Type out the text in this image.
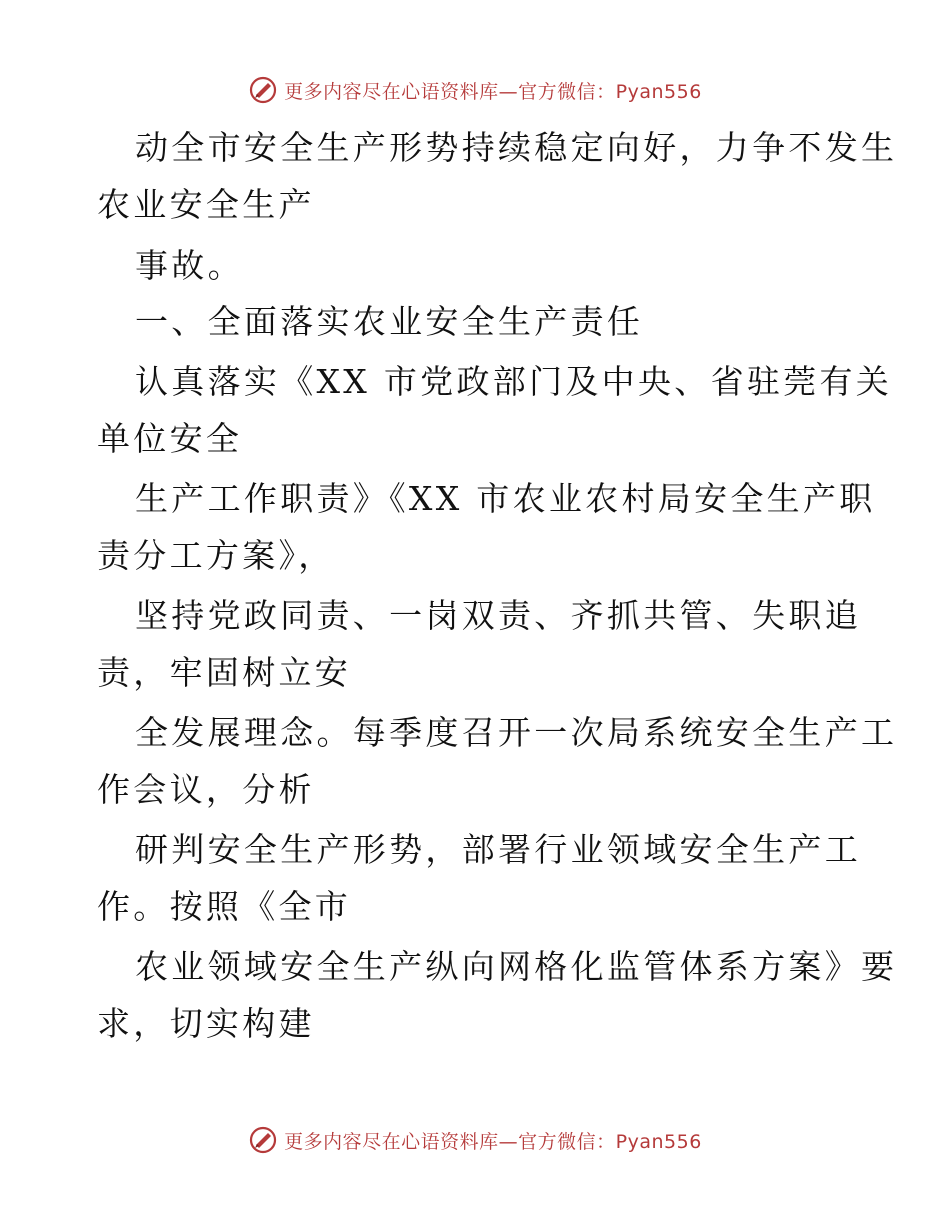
更多内容尽在心语资料库—官方微信：Pyan556
动全市安全生产形势持续稳定向好，力争不发生
农业安全生产
事故。
一、全面落实农业安全生产责任
认真落实《XX 市党政部门及中央、省驻莞有关
单位安全
生产工作职责》《XX 市农业农村局安全生产职
责分工方案》，
坚持党政同责、一岗双责、齐抓共管、失职追
责，牢固树立安
全发展理念。每季度召开一次局系统安全生产工
作会议，分析
研判安全生产形势，部署行业领域安全生产工
作。按照《全市
农业领域安全生产纵向网格化监管体系方案》要
求，切实构建
更多内容尽在心语资料库—官方微信：Pyan556
